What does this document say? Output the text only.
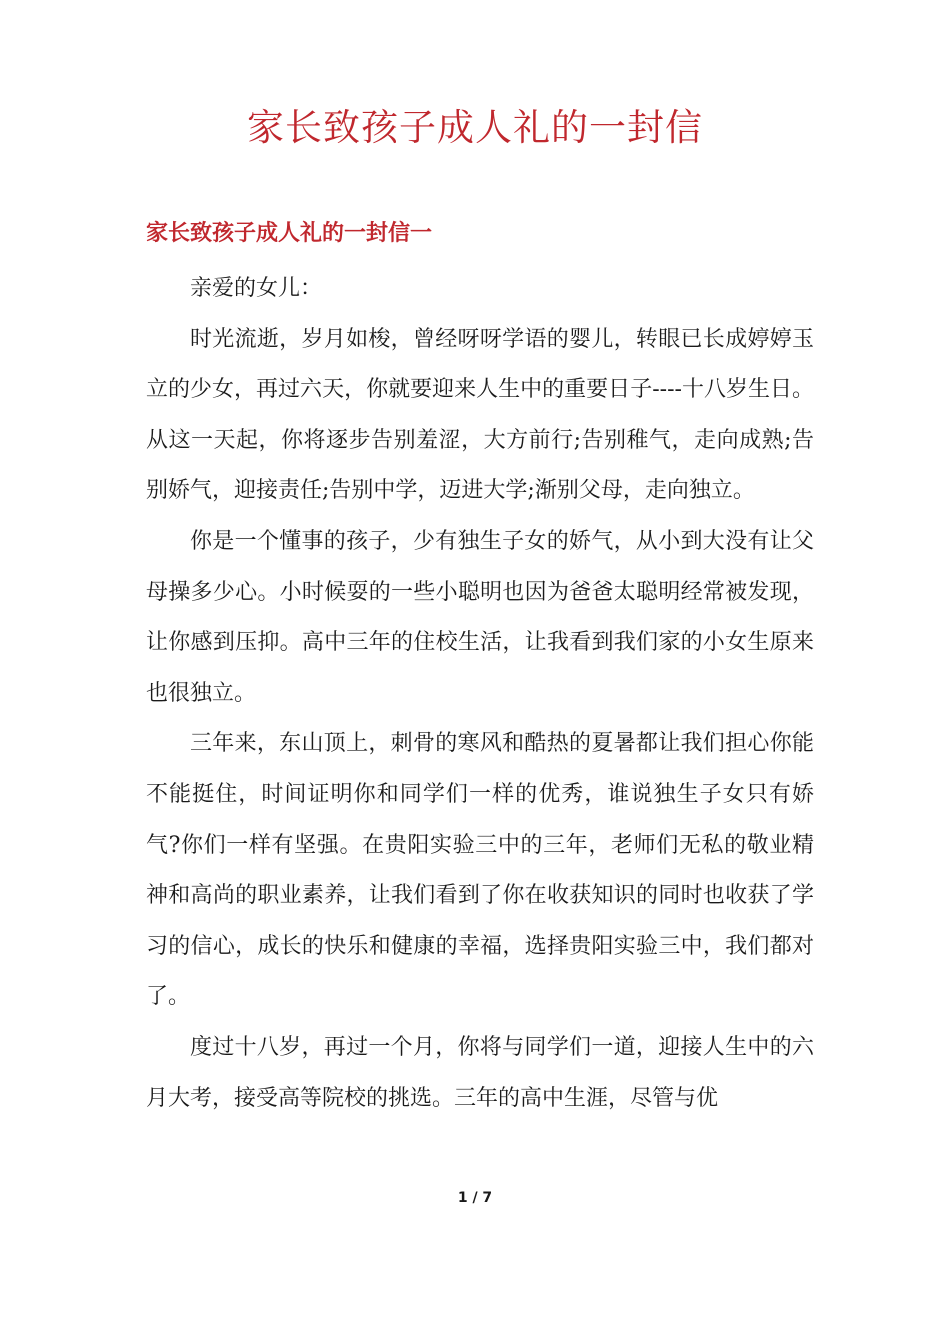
家长致孩子成人礼的一封信
家长致孩子成人礼的一封信一

亲爱的女儿：

时光流逝，岁月如梭，曾经呀呀学语的婴儿，转眼已长成婷婷玉立的少女，再过六天，你就要迎来人生中的重要日子----十八岁生日。从这一天起，你将逐步告别羞涩，大方前行;告别稚气，走向成熟;告别娇气，迎接责任;告别中学，迈进大学;渐别父母，走向独立。

你是一个懂事的孩子，少有独生子女的娇气，从小到大没有让父母操多少心。小时候耍的一些小聪明也因为爸爸太聪明经常被发现，让你感到压抑。高中三年的住校生活，让我看到我们家的小女生原来也很独立。

三年来，东山顶上，刺骨的寒风和酷热的夏暑都让我们担心你能不能挺住，时间证明你和同学们一样的优秀，谁说独生子女只有娇气?你们一样有坚强。在贵阳实验三中的三年，老师们无私的敬业精神和高尚的职业素养，让我们看到了你在收获知识的同时也收获了学习的信心，成长的快乐和健康的幸福，选择贵阳实验三中，我们都对了。

度过十八岁，再过一个月，你将与同学们一道，迎接人生中的六月大考，接受高等院校的挑选。三年的高中生涯，尽管与优

1 / 7
